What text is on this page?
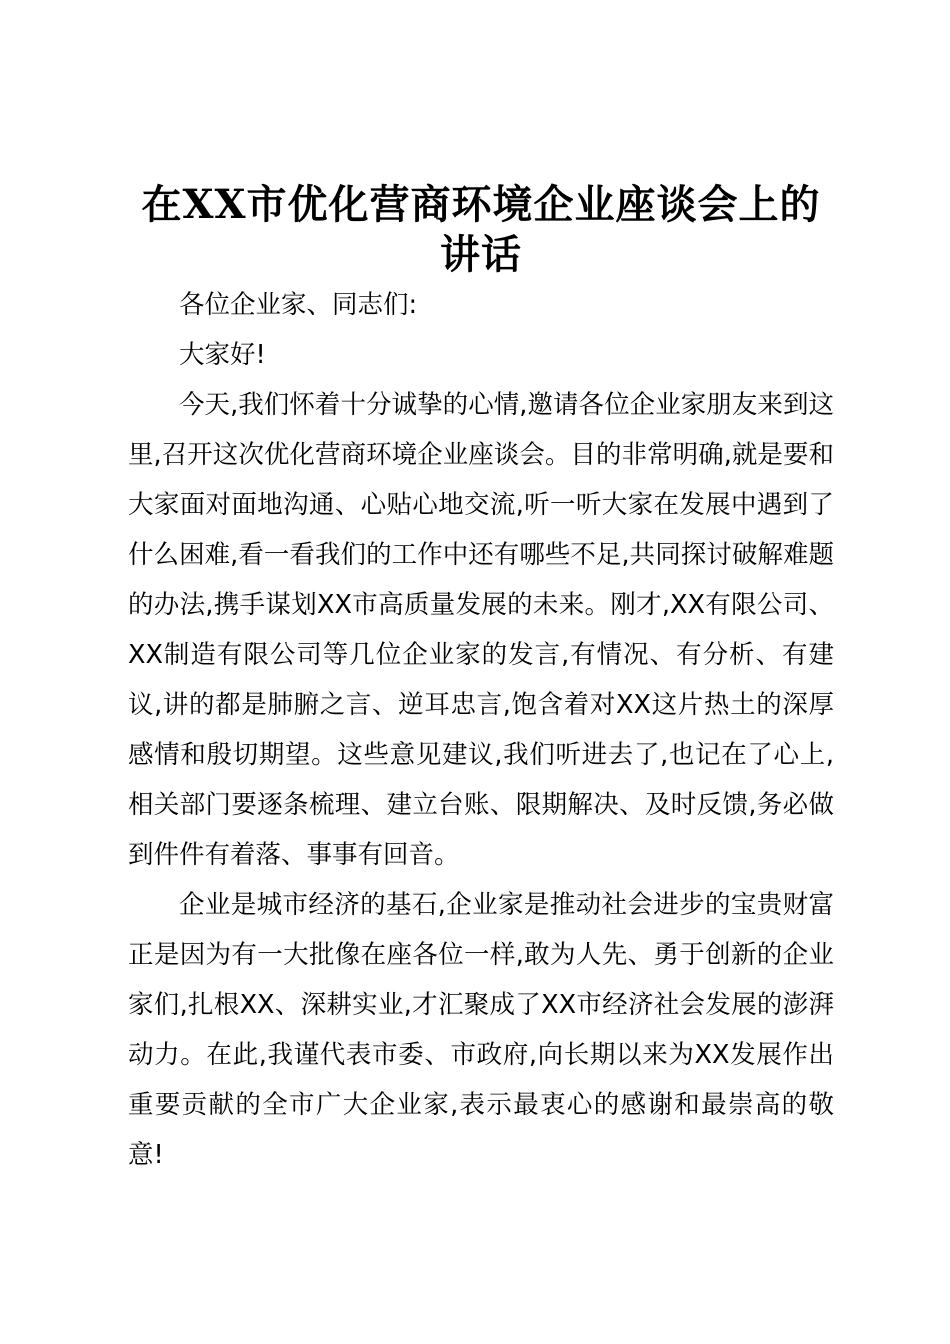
在XX市优化营商环境企业座谈会上的讲话

各位企业家、同志们:

大家好!

今天,我们怀着十分诚挚的心情,邀请各位企业家朋友来到这里,召开这次优化营商环境企业座谈会。目的非常明确,就是要和大家面对面地沟通、心贴心地交流,听一听大家在发展中遇到了什么困难,看一看我们的工作中还有哪些不足,共同探讨破解难题的办法,携手谋划XX市高质量发展的未来。刚才,XX有限公司、XX制造有限公司等几位企业家的发言,有情况、有分析、有建议,讲的都是肺腑之言、逆耳忠言,饱含着对XX这片热土的深厚感情和殷切期望。这些意见建议,我们听进去了,也记在了心上,相关部门要逐条梳理、建立台账、限期解决、及时反馈,务必做到件件有着落、事事有回音。

企业是城市经济的基石,企业家是推动社会进步的宝贵财富正是因为有一大批像在座各位一样,敢为人先、勇于创新的企业家们,扎根XX、深耕实业,才汇聚成了XX市经济社会发展的澎湃动力。在此,我谨代表市委、市政府,向长期以来为XX发展作出重要贡献的全市广大企业家,表示最衷心的感谢和最崇高的敬意!
